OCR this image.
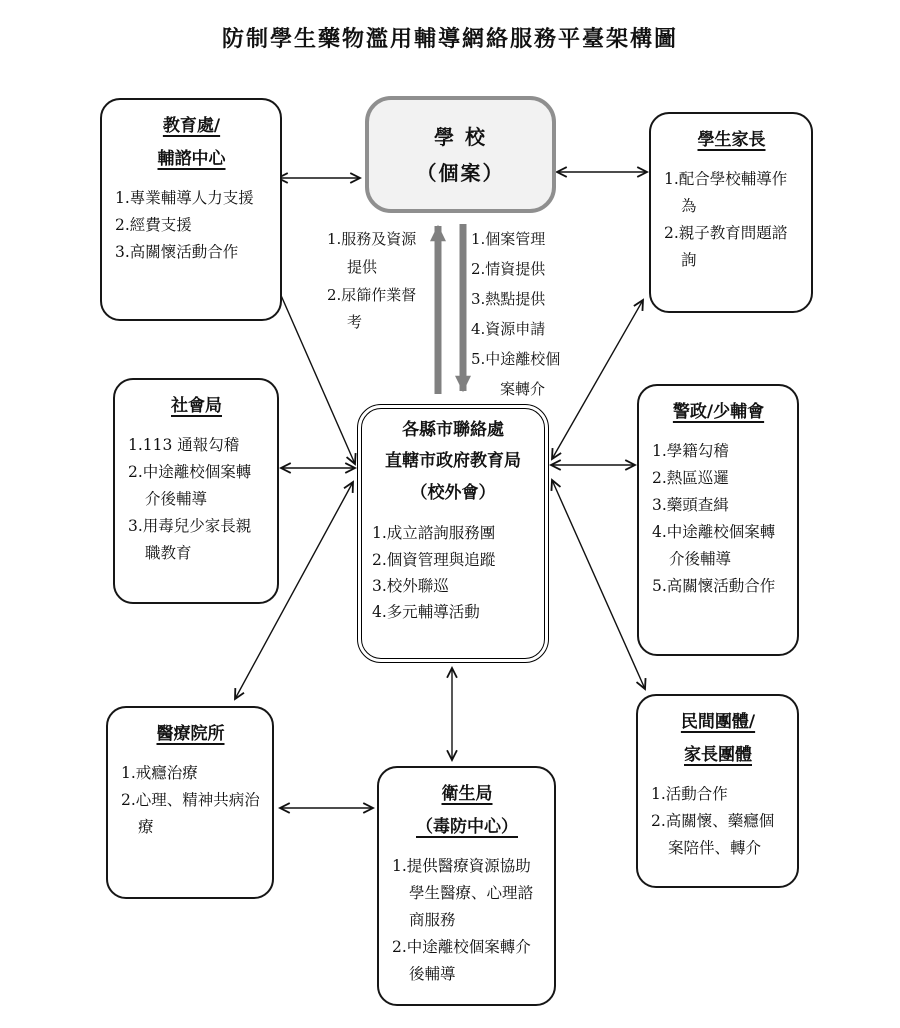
防制學生藥物濫用輔導網絡服務平臺架構圖
學 校
（個案）
教育處/
輔諮中心
1.專業輔導人力支援
2.經費支援
3.高關懷活動合作
學生家長
1.配合學校輔導作為
2.親子教育問題諮詢
社會局
1.113 通報勾稽
2.中途離校個案轉介後輔導
3.用毒兒少家長親職教育
各縣市聯絡處
直轄市政府教育局
（校外會）
1.成立諮詢服務團
2.個資管理與追蹤
3.校外聯巡
4.多元輔導活動
警政/少輔會
1.學籍勾稽
2.熱區巡邏
3.藥頭查緝
4.中途離校個案轉介後輔導
5.高關懷活動合作
醫療院所
1.戒癮治療
2.心理、精神共病治療
衛生局
（毒防中心）
1.提供醫療資源協助學生醫療、心理諮商服務
2.中途離校個案轉介後輔導
民間團體/
家長團體
1.活動合作
2.高關懷、藥癮個案陪伴、轉介
1.服務及資源提供
2.尿篩作業督考
1.個案管理
2.情資提供
3.熱點提供
4.資源申請
5.中途離校個案轉介
